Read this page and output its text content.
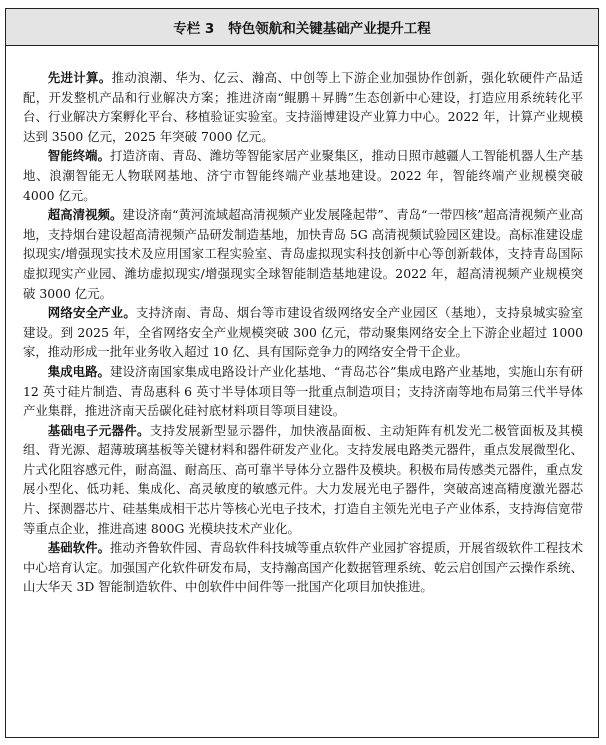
专栏 3 特色领航和关键基础产业提升工程

先进计算。推动浪潮、华为、亿云、瀚高、中创等上下游企业加强协作创新，强化软硬件产品适配，开发整机产品和行业解决方案；推进济南“鲲鹏＋昇腾”生态创新中心建设，打造应用系统转化平台、行业解决方案孵化平台、移植验证实验室。支持淄博建设产业算力中心。2022 年，计算产业规模达到 3500 亿元，2025 年突破 7000 亿元。

智能终端。打造济南、青岛、潍坊等智能家居产业聚集区，推动日照市越疆人工智能机器人生产基地、浪潮智能无人物联网基地、济宁市智能终端产业基地建设。2022 年，智能终端产业规模突破 4000 亿元。

超高清视频。建设济南“黄河流域超高清视频产业发展隆起带”、青岛“一带四核”超高清视频产业高地，支持烟台建设超高清视频产品研发制造基地，加快青岛 5G 高清视频试验园区建设。高标准建设虚拟现实/增强现实技术及应用国家工程实验室、青岛虚拟现实科技创新中心等创新载体，支持青岛国际虚拟现实产业园、潍坊虚拟现实/增强现实全球智能制造基地建设。2022 年，超高清视频产业规模突破 3000 亿元。

网络安全产业。支持济南、青岛、烟台等市建设省级网络安全产业园区（基地），支持泉城实验室建设。到 2025 年，全省网络安全产业规模突破 300 亿元，带动聚集网络安全上下游企业超过 1000 家，推动形成一批年业务收入超过 10 亿、具有国际竞争力的网络安全骨干企业。

集成电路。建设济南国家集成电路设计产业化基地、“青岛芯谷”集成电路产业基地，实施山东有研 12 英寸硅片制造、青岛惠科 6 英寸半导体项目等一批重点制造项目；支持济南等地布局第三代半导体产业集群，推进济南天岳碳化硅衬底材料项目等项目建设。

基础电子元器件。支持发展新型显示器件，加快液晶面板、主动矩阵有机发光二极管面板及其模组、背光源、超薄玻璃基板等关键材料和器件研发产业化。支持发展电路类元器件，重点发展微型化、片式化阻容感元件，耐高温、耐高压、高可靠半导体分立器件及模块。积极布局传感类元器件，重点发展小型化、低功耗、集成化、高灵敏度的敏感元件。大力发展光电子器件，突破高速高精度激光器芯片、探测器芯片、硅基集成相干芯片等核心光电子技术，打造自主领先光电子产业体系，支持海信宽带等重点企业，推进高速 800G 光模块技术产业化。

基础软件。推动齐鲁软件园、青岛软件科技城等重点软件产业园扩容提质，开展省级软件工程技术中心培育认定。加强国产化软件研发布局，支持瀚高国产化数据管理系统、乾云启创国产云操作系统、山大华天 3D 智能制造软件、中创软件中间件等一批国产化项目加快推进。
